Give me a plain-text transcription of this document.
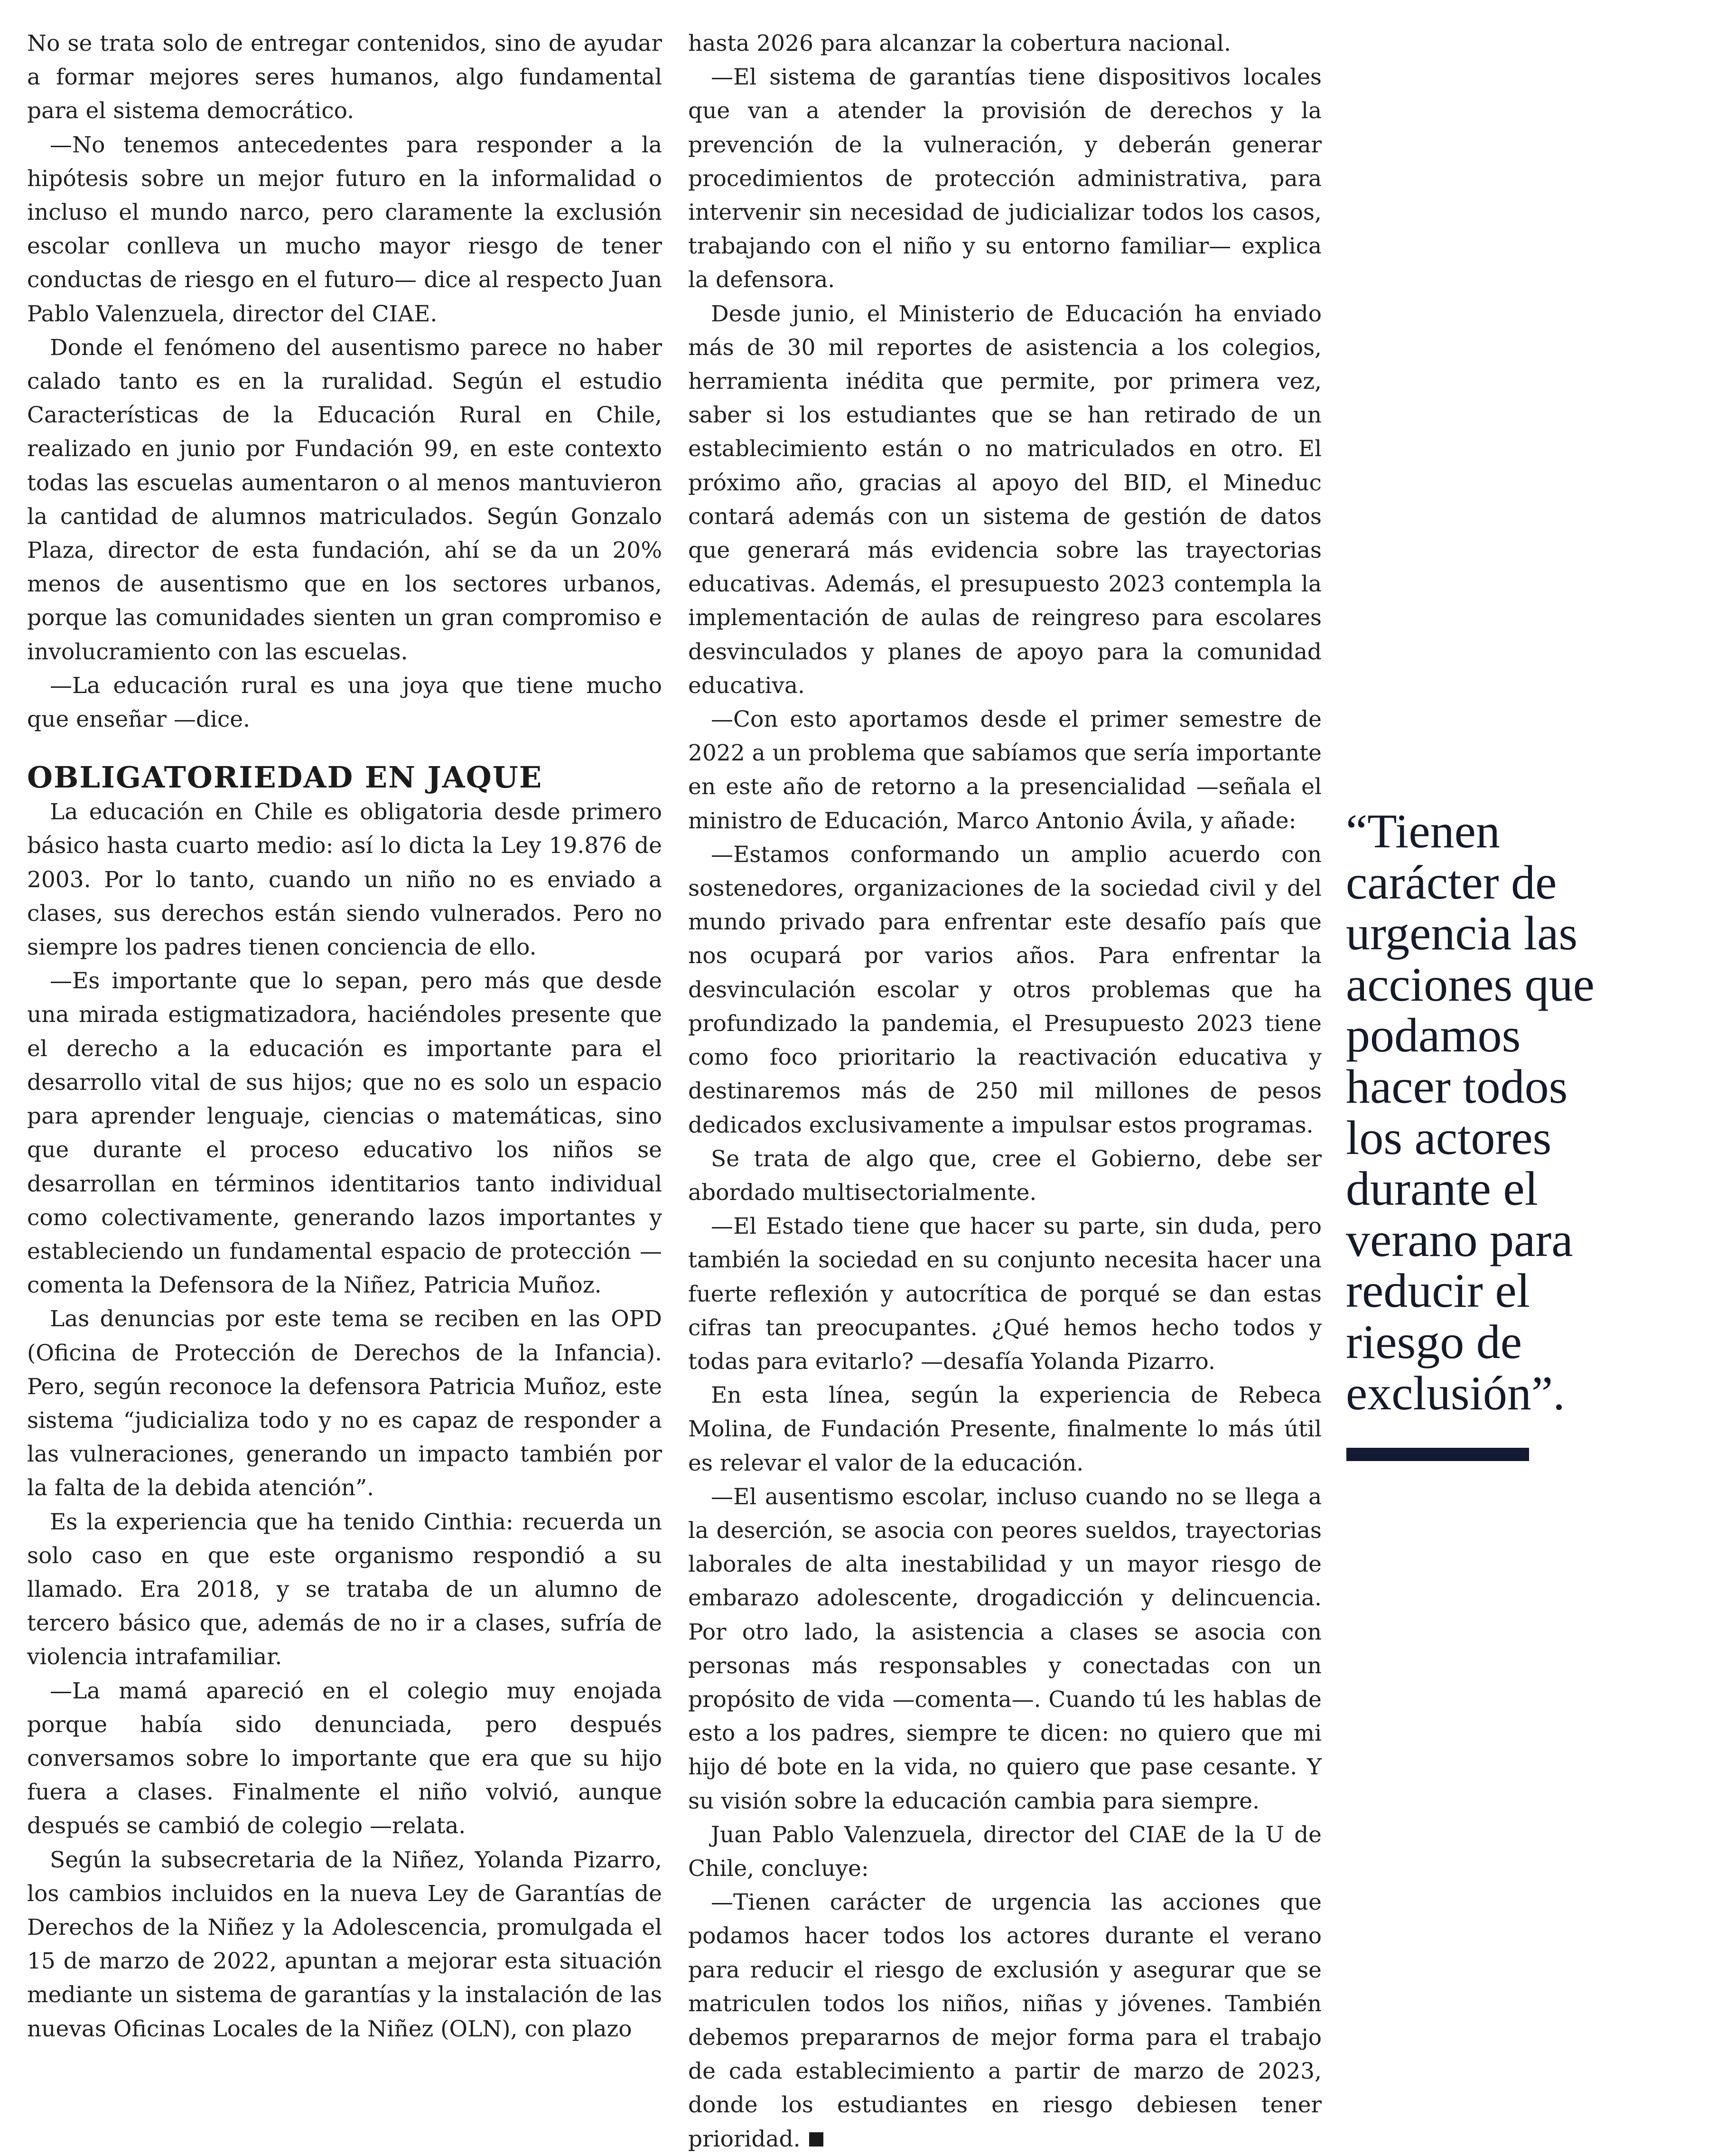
No se trata solo de entregar contenidos, sino de ayudar a formar mejores seres humanos, algo fundamental para el sistema democrático.

—No tenemos antecedentes para responder a la hipótesis sobre un mejor futuro en la informalidad o incluso el mundo narco, pero claramente la exclusión escolar conlleva un mucho mayor riesgo de tener conductas de riesgo en el futuro— dice al respecto Juan Pablo Valenzuela, director del CIAE.

Donde el fenómeno del ausentismo parece no haber calado tanto es en la ruralidad. Según el estudio Características de la Educación Rural en Chile, realizado en junio por Fundación 99, en este contexto todas las escuelas aumentaron o al menos mantuvieron la cantidad de alumnos matriculados. Según Gonzalo Plaza, director de esta fundación, ahí se da un 20% menos de ausentismo que en los sectores urbanos, porque las comunidades sienten un gran compromiso e involucramiento con las escuelas.

—La educación rural es una joya que tiene mucho que enseñar —dice.

OBLIGATORIEDAD EN JAQUE

La educación en Chile es obligatoria desde primero básico hasta cuarto medio: así lo dicta la Ley 19.876 de 2003. Por lo tanto, cuando un niño no es enviado a clases, sus derechos están siendo vulnerados. Pero no siempre los padres tienen conciencia de ello.

—Es importante que lo sepan, pero más que desde una mirada estigmatizadora, haciéndoles presente que el derecho a la educación es importante para el desarrollo vital de sus hijos; que no es solo un espacio para aprender lenguaje, ciencias o matemáticas, sino que durante el proceso educativo los niños se desarrollan en términos identitarios tanto individual como colectivamente, generando lazos importantes y estableciendo un fundamental espacio de protección —comenta la Defensora de la Niñez, Patricia Muñoz.

Las denuncias por este tema se reciben en las OPD (Oficina de Protección de Derechos de la Infancia). Pero, según reconoce la defensora Patricia Muñoz, este sistema “judicializa todo y no es capaz de responder a las vulneraciones, generando un impacto también por la falta de la debida atención”.

Es la experiencia que ha tenido Cinthia: recuerda un solo caso en que este organismo respondió a su llamado. Era 2018, y se trataba de un alumno de tercero básico que, además de no ir a clases, sufría de violencia intrafamiliar.

—La mamá apareció en el colegio muy enojada porque había sido denunciada, pero después conversamos sobre lo importante que era que su hijo fuera a clases. Finalmente el niño volvió, aunque después se cambió de colegio —relata.

Según la subsecretaria de la Niñez, Yolanda Pizarro, los cambios incluidos en la nueva Ley de Garantías de Derechos de la Niñez y la Adolescencia, promulgada el 15 de marzo de 2022, apuntan a mejorar esta situación mediante un sistema de garantías y la instalación de las nuevas Oficinas Locales de la Niñez (OLN), con plazo

hasta 2026 para alcanzar la cobertura nacional.

—El sistema de garantías tiene dispositivos locales que van a atender la provisión de derechos y la prevención de la vulneración, y deberán generar procedimientos de protección administrativa, para intervenir sin necesidad de judicializar todos los casos, trabajando con el niño y su entorno familiar— explica la defensora.

Desde junio, el Ministerio de Educación ha enviado más de 30 mil reportes de asistencia a los colegios, herramienta inédita que permite, por primera vez, saber si los estudiantes que se han retirado de un establecimiento están o no matriculados en otro. El próximo año, gracias al apoyo del BID, el Mineduc contará además con un sistema de gestión de datos que generará más evidencia sobre las trayectorias educativas. Además, el presupuesto 2023 contempla la implementación de aulas de reingreso para escolares desvinculados y planes de apoyo para la comunidad educativa.

—Con esto aportamos desde el primer semestre de 2022 a un problema que sabíamos que sería importante en este año de retorno a la presencialidad —señala el ministro de Educación, Marco Antonio Ávila, y añade:

—Estamos conformando un amplio acuerdo con sostenedores, organizaciones de la sociedad civil y del mundo privado para enfrentar este desafío país que nos ocupará por varios años. Para enfrentar la desvinculación escolar y otros problemas que ha profundizado la pandemia, el Presupuesto 2023 tiene como foco prioritario la reactivación educativa y destinaremos más de 250 mil millones de pesos dedicados exclusivamente a impulsar estos programas.

Se trata de algo que, cree el Gobierno, debe ser abordado multisectorialmente.

—El Estado tiene que hacer su parte, sin duda, pero también la sociedad en su conjunto necesita hacer una fuerte reflexión y autocrítica de porqué se dan estas cifras tan preocupantes. ¿Qué hemos hecho todos y todas para evitarlo? —desafía Yolanda Pizarro.

En esta línea, según la experiencia de Rebeca Molina, de Fundación Presente, finalmente lo más útil es relevar el valor de la educación.

—El ausentismo escolar, incluso cuando no se llega a la deserción, se asocia con peores sueldos, trayectorias laborales de alta inestabilidad y un mayor riesgo de embarazo adolescente, drogadicción y delincuencia. Por otro lado, la asistencia a clases se asocia con personas más responsables y conectadas con un propósito de vida —comenta—. Cuando tú les hablas de esto a los padres, siempre te dicen: no quiero que mi hijo dé bote en la vida, no quiero que pase cesante. Y su visión sobre la educación cambia para siempre.

Juan Pablo Valenzuela, director del CIAE de la U de Chile, concluye:

—Tienen carácter de urgencia las acciones que podamos hacer todos los actores durante el verano para reducir el riesgo de exclusión y asegurar que se matriculen todos los niños, niñas y jóvenes. También debemos prepararnos de mejor forma para el trabajo de cada establecimiento a partir de marzo de 2023, donde los estudiantes en riesgo debiesen tener prioridad.

“Tienen
carácter de
urgencia las
acciones que
podamos
hacer todos
los actores
durante el
verano para
reducir el
riesgo de
exclusión”.
